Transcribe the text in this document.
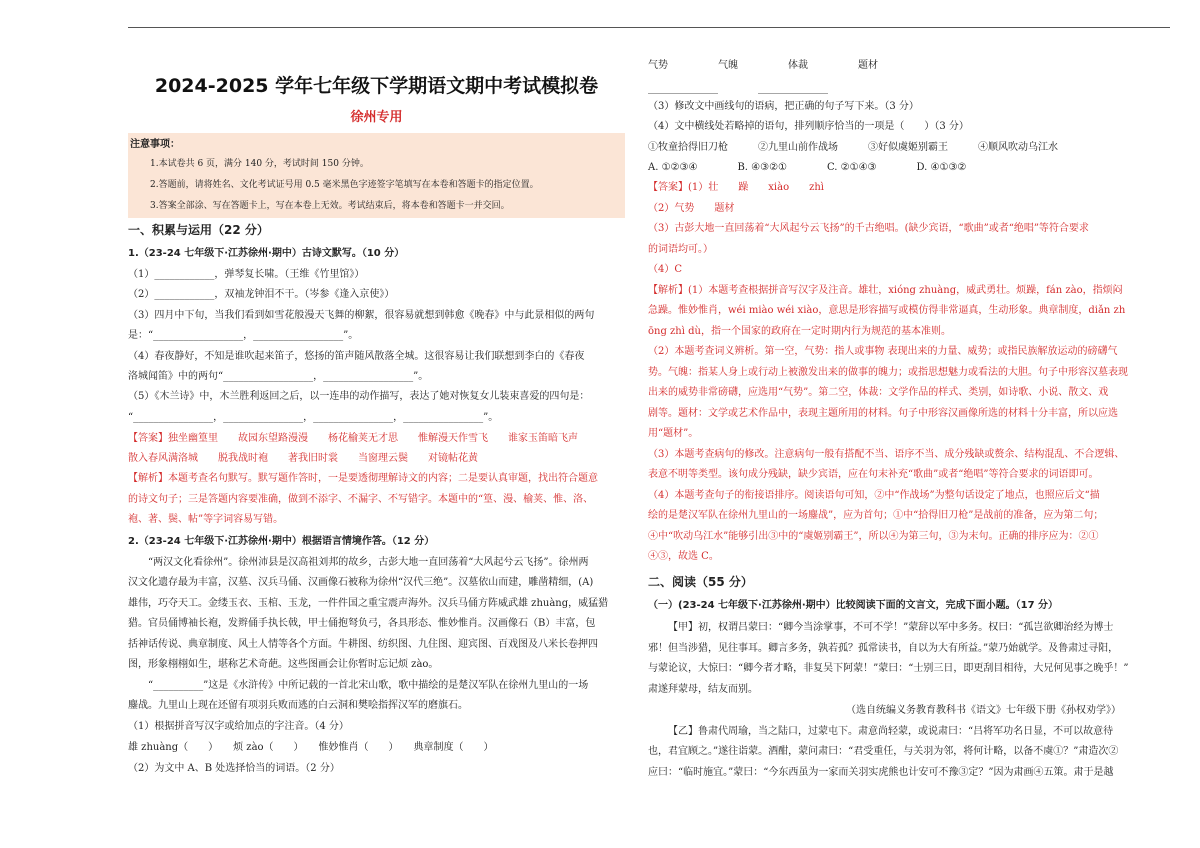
2024-2025 学年七年级下学期语文期中考试模拟卷
徐州专用
注意事项：
1.本试卷共 6 页，满分 140 分，考试时间 150 分钟。
2.答题前，请将姓名、文化考试证号用 0.5 毫米黑色字迹签字笔填写在本卷和答题卡的指定位置。
3.答案全部涂、写在答题卡上，写在本卷上无效。考试结束后，将本卷和答题卡一并交回。
一、积累与运用（22 分）
1.（23-24 七年级下·江苏徐州·期中）古诗文默写。（10 分）
（1）____________，弹琴复长啸。（王维《竹里馆》）
（2）____________，双袖龙钟泪不干。（岑参《逢入京使》）
（3）四月中下旬，当我们看到如雪花般漫天飞舞的柳絮，很容易就想到韩愈《晚春》中与此景相似的两句
是：“__________________，__________________”。
（4）春夜静好，不知是谁吹起来笛子，悠扬的笛声随风散落全城。这很容易让我们联想到李白的《春夜
洛城闻笛》中的两句“__________________，__________________”。
（5）《木兰诗》中，木兰胜利返回之后，以一连串的动作描写，表达了她对恢复女儿装束喜爱的四句是：
“________________，________________，________________，________________”。
【答案】独坐幽篁里　　故园东望路漫漫　　杨花榆荚无才思　　惟解漫天作雪飞　　谁家玉笛暗飞声
散入春风满洛城　　脱我战时袍　　著我旧时裳　　当窗理云鬓　　对镜帖花黄
【解析】本题考查名句默写。默写题作答时，一是要透彻理解诗文的内容；二是要认真审题，找出符合题意
的诗文句子；三是答题内容要准确，做到不添字、不漏字、不写错字。本题中的“篁、漫、榆荚、惟、洛、
袍、著、鬓、帖”等字词容易写错。
2.（23-24 七年级下·江苏徐州·期中）根据语言情境作答。（12 分）
“两汉文化看徐州”。徐州沛县是汉高祖刘邦的故乡，古彭大地一直回荡着“大风起兮云飞扬”。徐州两
汉文化遗存最为丰富，汉墓、汉兵马俑、汉画像石被称为徐州“汉代三绝”。汉墓依山而建，雕凿精细，(A)
雄伟，巧夺天工。金缕玉衣、玉棺、玉龙，一件件国之重宝震声海外。汉兵马俑方阵威武雄 zhuàng，威猛猎
猎。官员俑博袖长袍，发辫俑手执长戟，甲士俑抱弩负弓，各具形态、惟妙惟肖。汉画像石（B）丰富，包
括神话传说、典章制度、风土人情等各个方面。牛耕图、纺织图、九住图、迎宾图、百戏图及八米长卷押四
图，形象栩栩如生，堪称艺术奇葩。这些图画会让你暂时忘记烦 zào。
“__________”这是《水浒传》中所记载的一首北宋山歌，歌中描绘的是楚汉军队在徐州九里山的一场
鏖战。九里山上现在还留有项羽兵败而逃的白云洞和樊哙指挥汉军的磨旗石。
（1）根据拼音写汉字或给加点的字注音。（4 分）
雄 zhuàng（　　）　　烦 zào（　　）　　惟妙惟肖（　　）　　典章制度（　　）
（2）为文中 A、B 处选择恰当的词语。（2 分）
气势　　　　　气魄　　　　　体裁　　　　　题材
______________　　　　______________
（3）修改文中画线句的语病，把正确的句子写下来。（3 分）
（4）文中横线处若略掉的语句，排列顺序恰当的一项是（　　）（3 分）
①牧童拾得旧刀枪　　　②九里山前作战场　　　③好似虞姬别霸王　　　④顺风吹动乌江水
A. ①②③④　　　　B. ④③②①　　　　C. ②①④③　　　　D. ④①③②
【答案】(1）壮　　躁　　xiào　　zhì
（2）气势　　题材
（3）古彭大地一直回荡着“大风起兮云飞扬”的千古绝唱。(缺少宾语，“歌曲”或者“绝唱”等符合要求
的词语均可。）
（4）C
【解析】(1）本题考查根据拼音写汉字及注音。雄壮，xióng zhuàng，威武勇壮。烦躁，fán zào，指烦闷
急躁。惟妙惟肖，wéi miào wéi xiào，意思是形容描写或模仿得非常逼真，生动形象。典章制度，diǎn zh
ōng zhì dù，指一个国家的政府在一定时期内行为规范的基本准则。
（2）本题考查词义辨析。第一空，气势：指人或事物 表现出来的力量、威势；或指民族解放运动的磅礴气
势。气魄：指某人身上或行动上被激发出来的做事的魄力；或指思想魅力或看法的大胆。句子中形容汉墓表现
出来的威势非常磅礴，应选用“气势”。第二空，体裁：文学作品的样式、类别，如诗歌、小说、散文、戏
剧等。题材：文学或艺术作品中，表现主题所用的材料。句子中形容汉画像所选的材料十分丰富，所以应选
用“题材”。
（3）本题考查病句的修改。注意病句一般有搭配不当、语序不当、成分残缺或赘余、结构混乱、不合逻辑、
表意不明等类型。该句成分残缺，缺少宾语，应在句末补充“歌曲”或者“绝唱”等符合要求的词语即可。
（4）本题考查句子的衔接语排序。阅读语句可知，②中“作战场”为整句话设定了地点，也照应后文“描
绘的是楚汉军队在徐州九里山的一场鏖战”，应为首句；①中“拾得旧刀枪”是战前的准备，应为第二句；
④中“吹动乌江水”能够引出③中的“虞姬别霸王”，所以④为第三句，③为末句。正确的排序应为：②①
④③，故选 C。
二、阅读（55 分）
（一）(23-24 七年级下·江苏徐州·期中）比较阅读下面的文言文，完成下面小题。（17 分）
【甲】初，权谓吕蒙曰：“卿今当涂掌事，不可不学！”蒙辞以军中多务。权曰：“孤岂欲卿治经为博士
邪！但当涉猎，见往事耳。卿言多务，孰若孤？孤常读书，自以为大有所益。”蒙乃始就学。及鲁肃过寻阳，
与蒙论议，大惊曰：“卿今者才略，非复吴下阿蒙！”蒙曰：“士别三日，即更刮目相待，大兄何见事之晚乎！”
肃遂拜蒙母，结友而别。
（选自统编义务教育教科书《语文》七年级下册《孙权劝学》）
【乙】鲁肃代周瑜，当之陆口，过蒙屯下。肃意尚轻蒙，或说肃曰：“吕将军功名日显，不可以故意待
也，君宜顾之。”遂往诣蒙。酒酣，蒙问肃曰：“君受重任，与关羽为邻，将何计略，以备不虞①？”肃造次②
应曰：“临时施宜。”蒙曰：“今东西虽为一家而关羽实虎熊也计安可不豫③定？”因为肃画④五策。肃于是越
